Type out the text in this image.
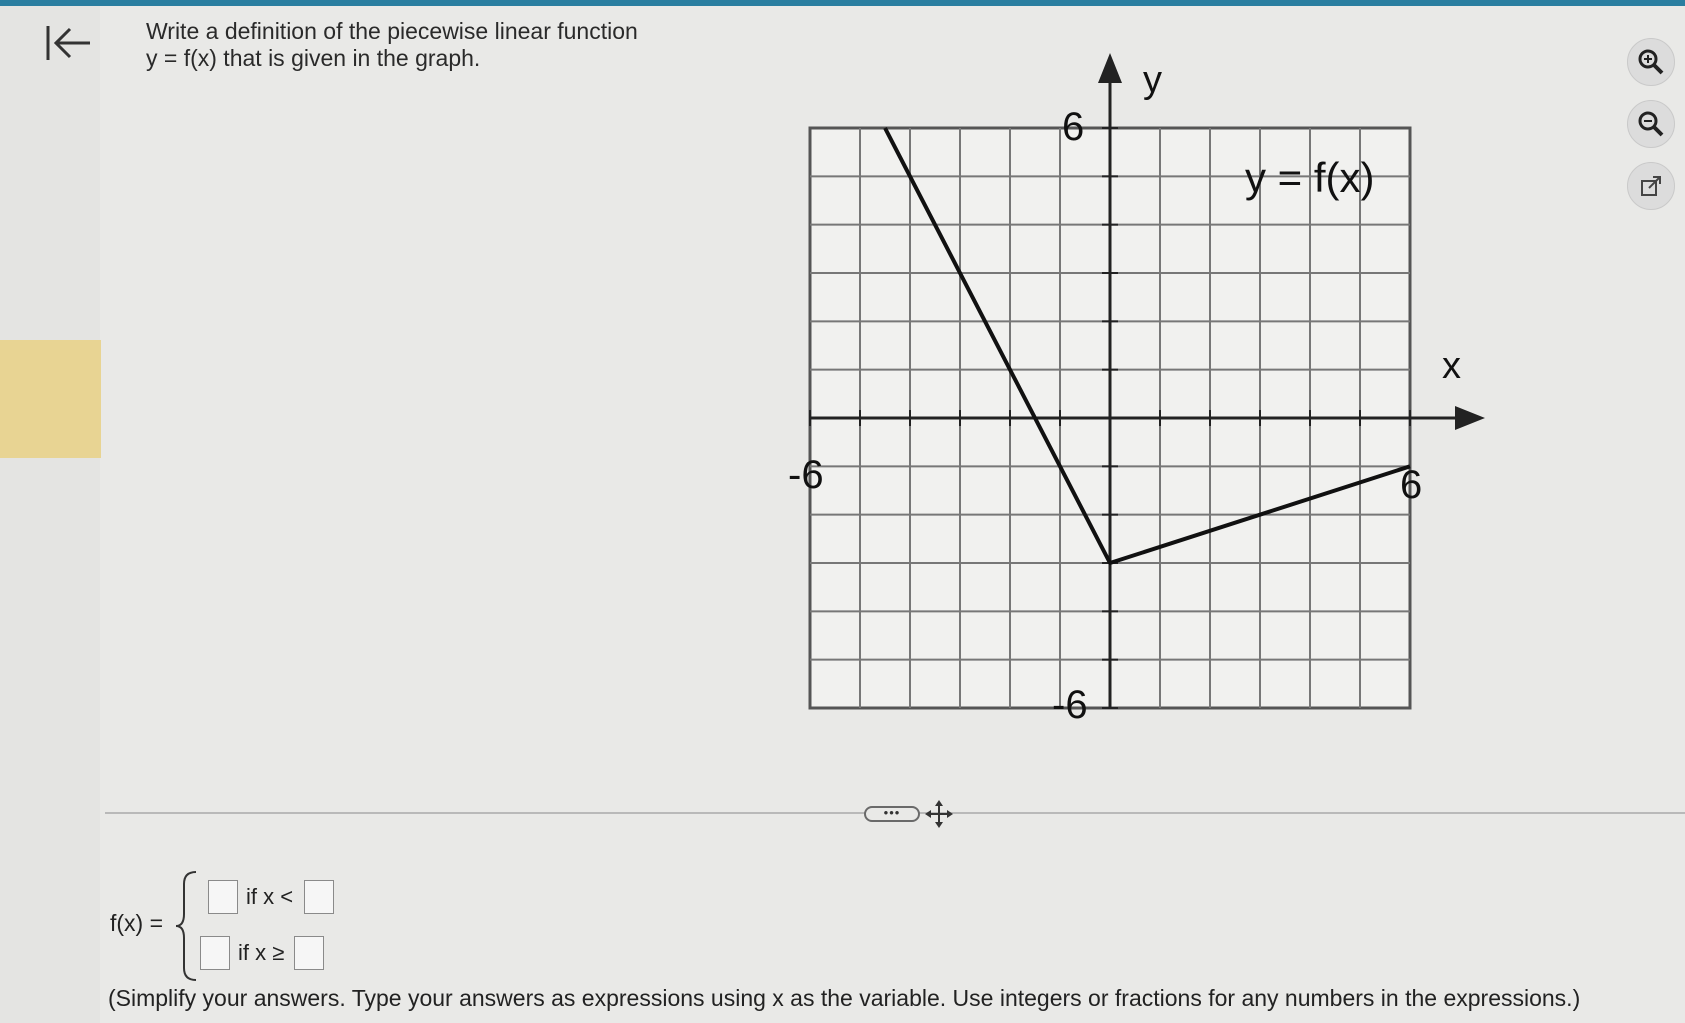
Write a definition of the piecewise linear function
y = f(x) that is given in the graph.
y = f(x)
x
y
-6	6
6
-6
•••
f(x) =
if x <
if x ≥
(Simplify your answers. Type your answers as expressions using x as the variable. Use integers or fractions for any numbers in the expressions.)
